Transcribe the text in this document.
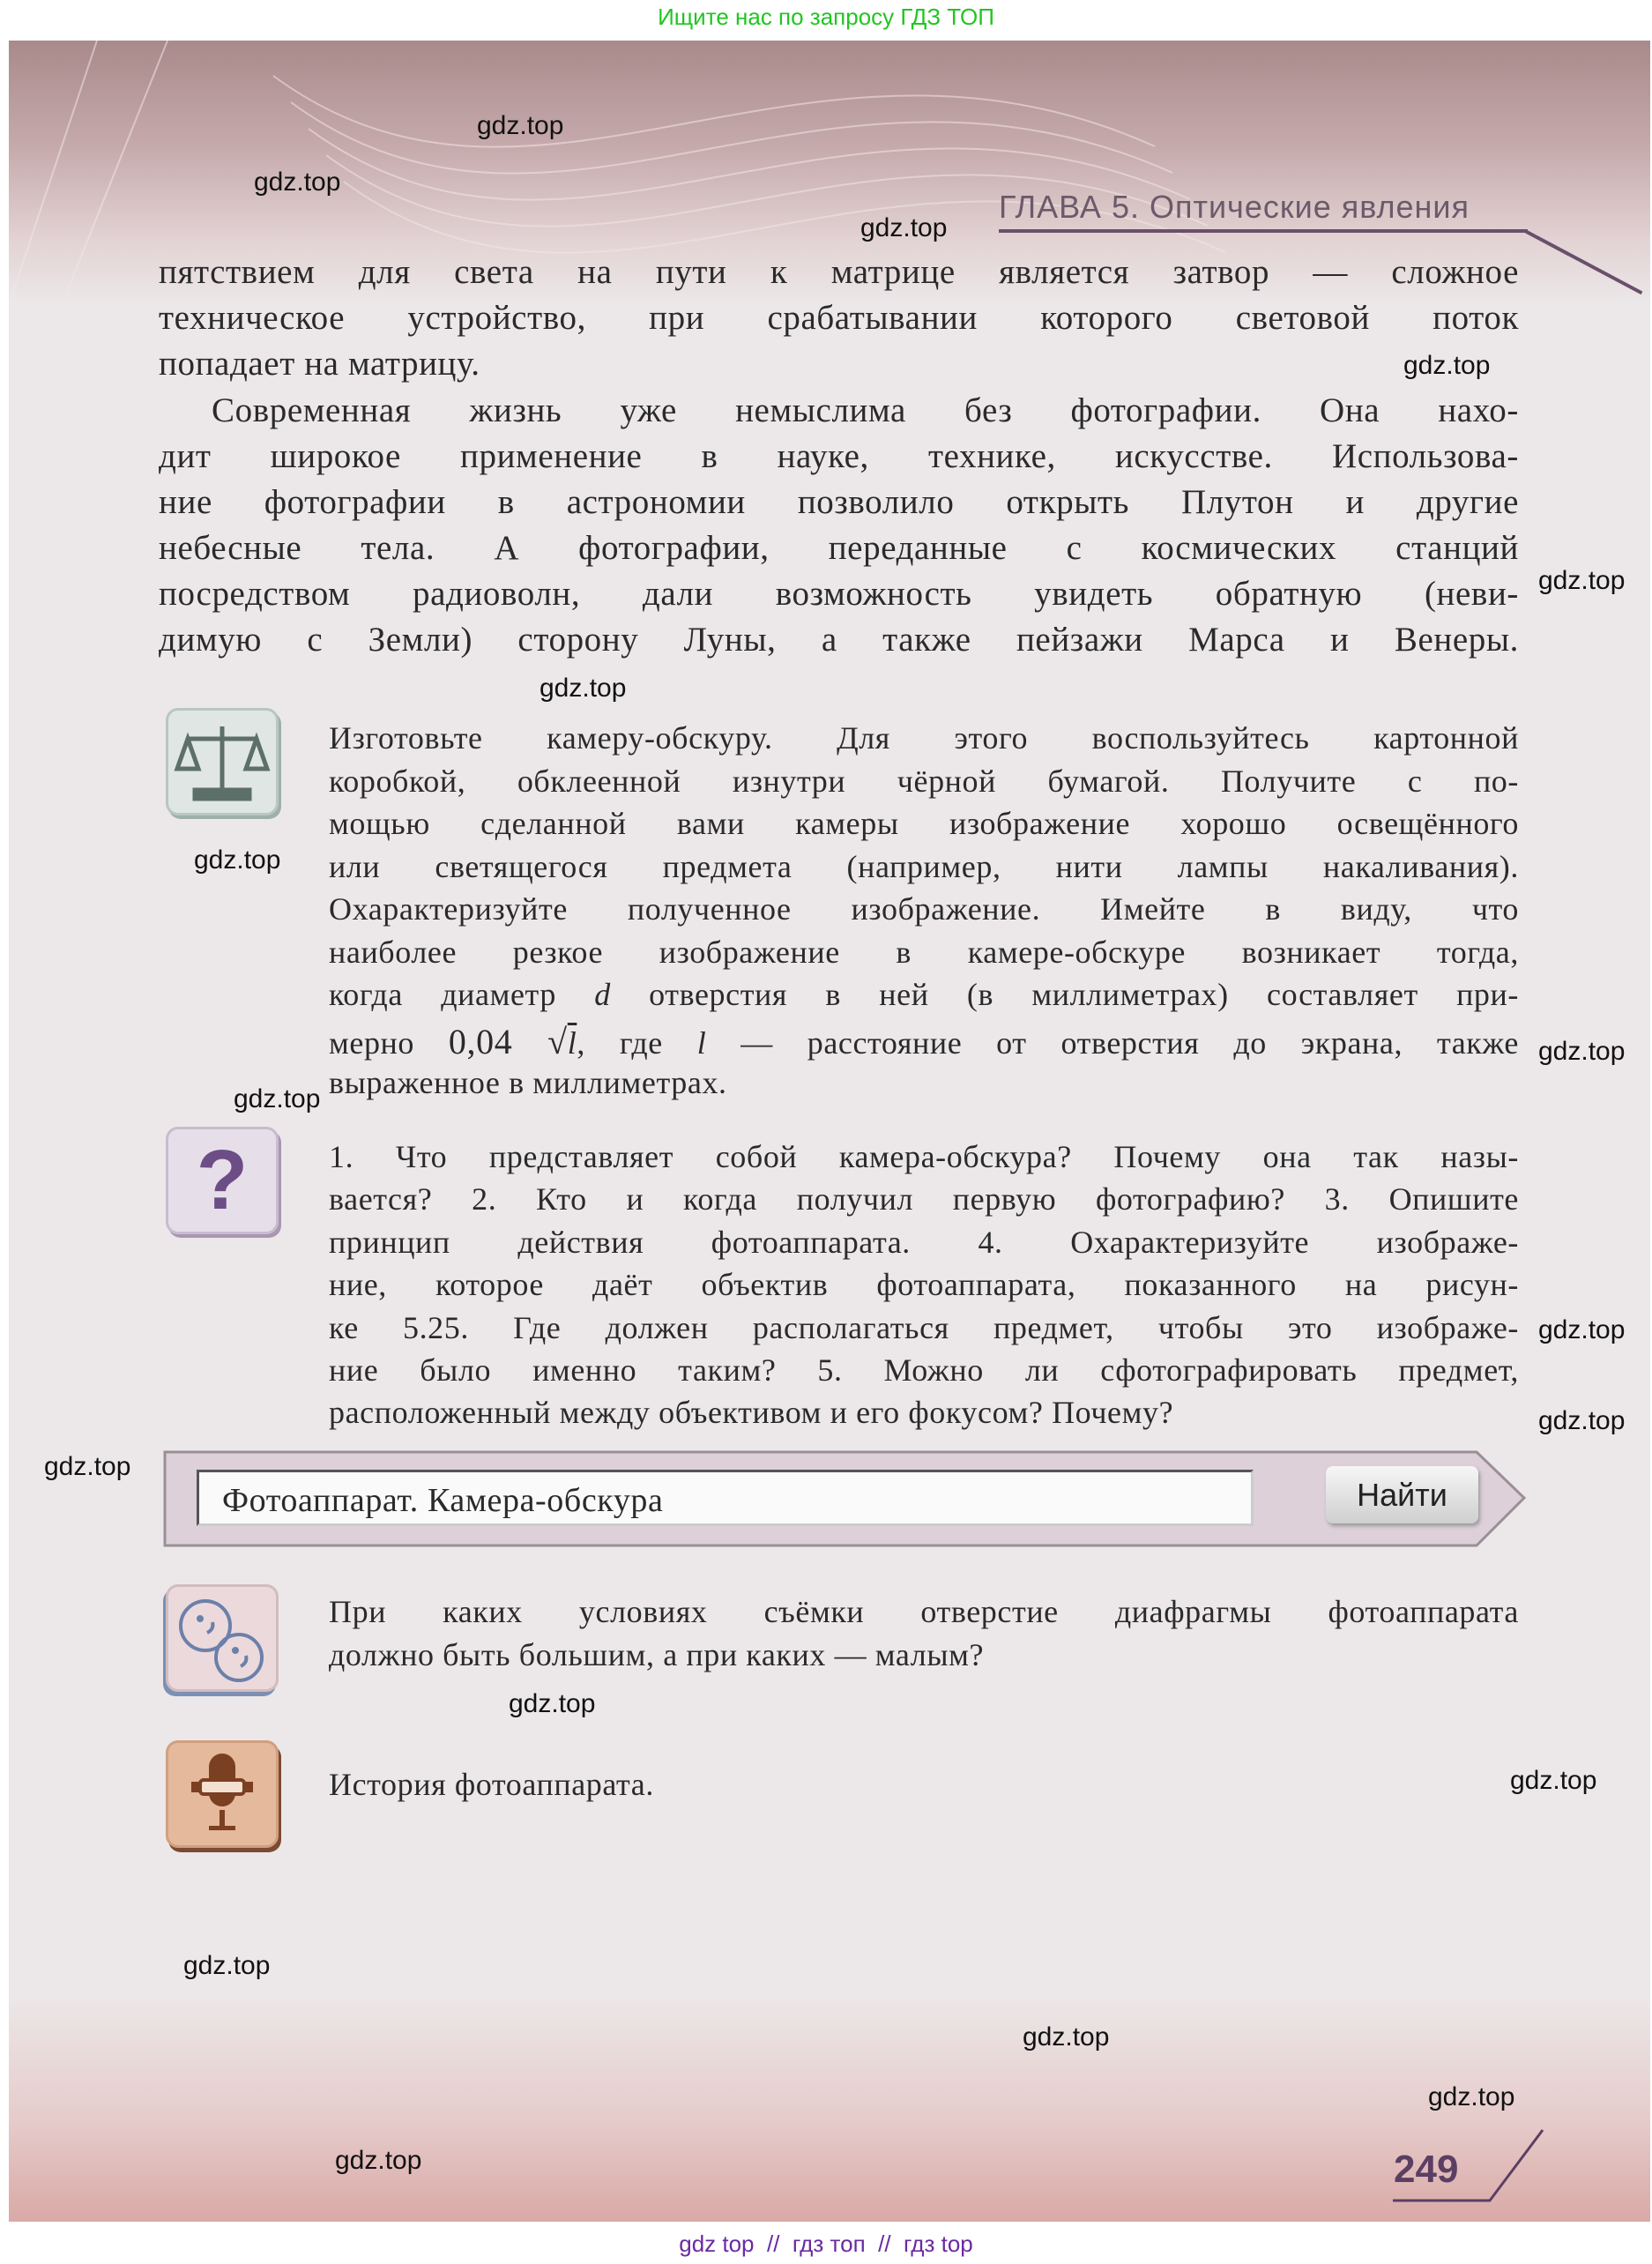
Ищите нас по запросу ГДЗ ТОП
ГЛАВА 5. Оптические явления
пятствием для света на пути к матрице является затвор — сложное
техническое устройство, при срабатывании которого световой поток
попадает на матрицу.
Современная жизнь уже немыслима без фотографии. Она нахо-
дит широкое применение в науке, технике, искусстве. Использова-
ние фотографии в астрономии позволило открыть Плутон и другие
небесные тела. А фотографии, переданные с космических станций
посредством радиоволн, дали возможность увидеть обратную (неви-
димую с Земли) сторону Луны, а также пейзажи Марса и Венеры.
Изготовьте камеру-обскуру. Для этого воспользуйтесь картонной
коробкой, обклеенной изнутри чёрной бумагой. Получите с по-
мощью сделанной вами камеры изображение хорошо освещённого
или светящегося предмета (например, нити лампы накаливания).
Охарактеризуйте полученное изображение. Имейте в виду, что
наиболее резкое изображение в камере-обскуре возникает тогда,
когда диаметр d отверстия в ней (в миллиметрах) составляет при-
мерно 0,04 √l, где l — расстояние от отверстия до экрана, также
выраженное в миллиметрах.
?	1. Что представляет собой камера-обскура? Почему она так назы-
вается? 2. Кто и когда получил первую фотографию? 3. Опишите
принцип действия фотоаппарата. 4. Охарактеризуйте изображе-
ние, которое даёт объектив фотоаппарата, показанного на рисун-
ке 5.25. Где должен располагаться предмет, чтобы это изображе-
ние было именно таким? 5. Можно ли сфотографировать предмет,
расположенный между объективом и его фокусом? Почему?
Фотоаппарат. Камера-обскура	Найти
При каких условиях съёмки отверстие диафрагмы фотоаппарата
должно быть большим, а при каких — малым?
История фотоаппарата.
249
gdz.top
gdz.top
gdz.top
gdz.top
gdz.top
gdz.top
gdz.top
gdz.top
gdz.top
gdz.top
gdz.top
gdz.top
gdz.top
gdz.top
gdz.top
gdz.top
gdz.top
gdz.top
gdz top  //  гдз топ  //  гдз top
